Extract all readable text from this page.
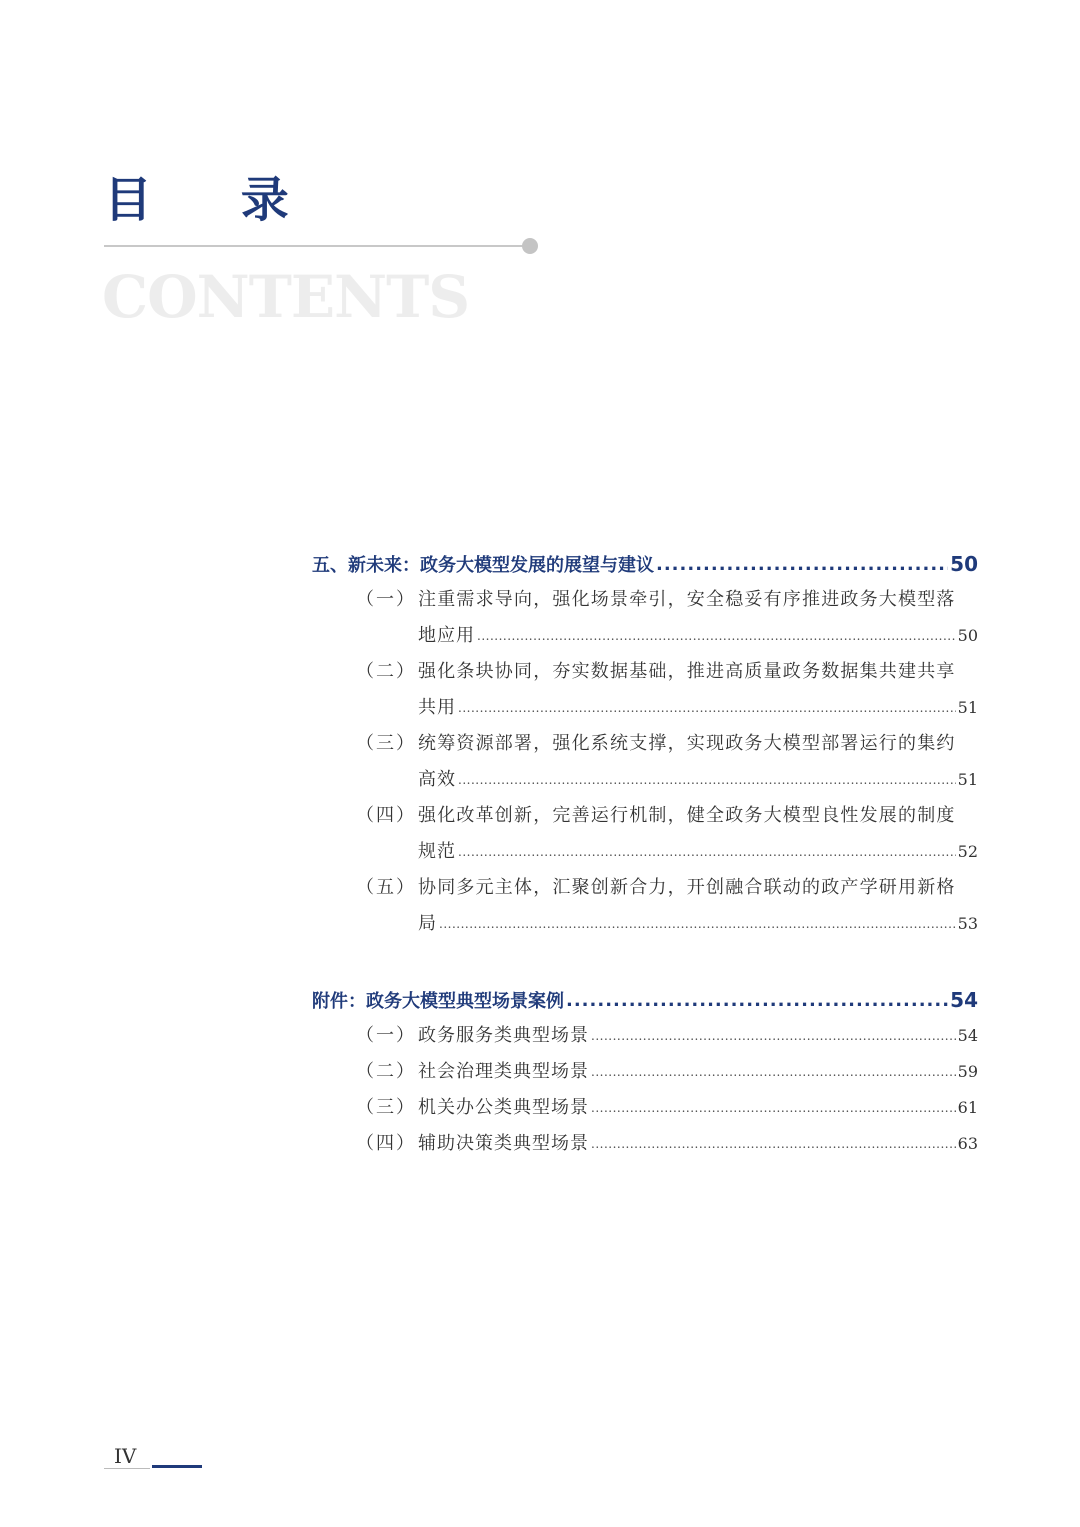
目 录
CONTENTS
五、新未来：政务大模型发展的展望与建议 .....	50
（一） 注重需求导向，强化场景牵引，安全稳妥有序推进政务大模型落
地应用 .....	50
（二） 强化条块协同，夯实数据基础，推进高质量政务数据集共建共享
共用 .....	51
（三） 统筹资源部署，强化系统支撑，实现政务大模型部署运行的集约
高效 .....	51
（四） 强化改革创新，完善运行机制，健全政务大模型良性发展的制度
规范 .....	52
（五） 协同多元主体，汇聚创新合力，开创融合联动的政产学研用新格
局 .....	53
附件：政务大模型典型场景案例 .....	54
（一） 政务服务类典型场景 .....	54
（二） 社会治理类典型场景 .....	59
（三） 机关办公类典型场景 .....	61
（四） 辅助决策类典型场景 .....	63
IV
